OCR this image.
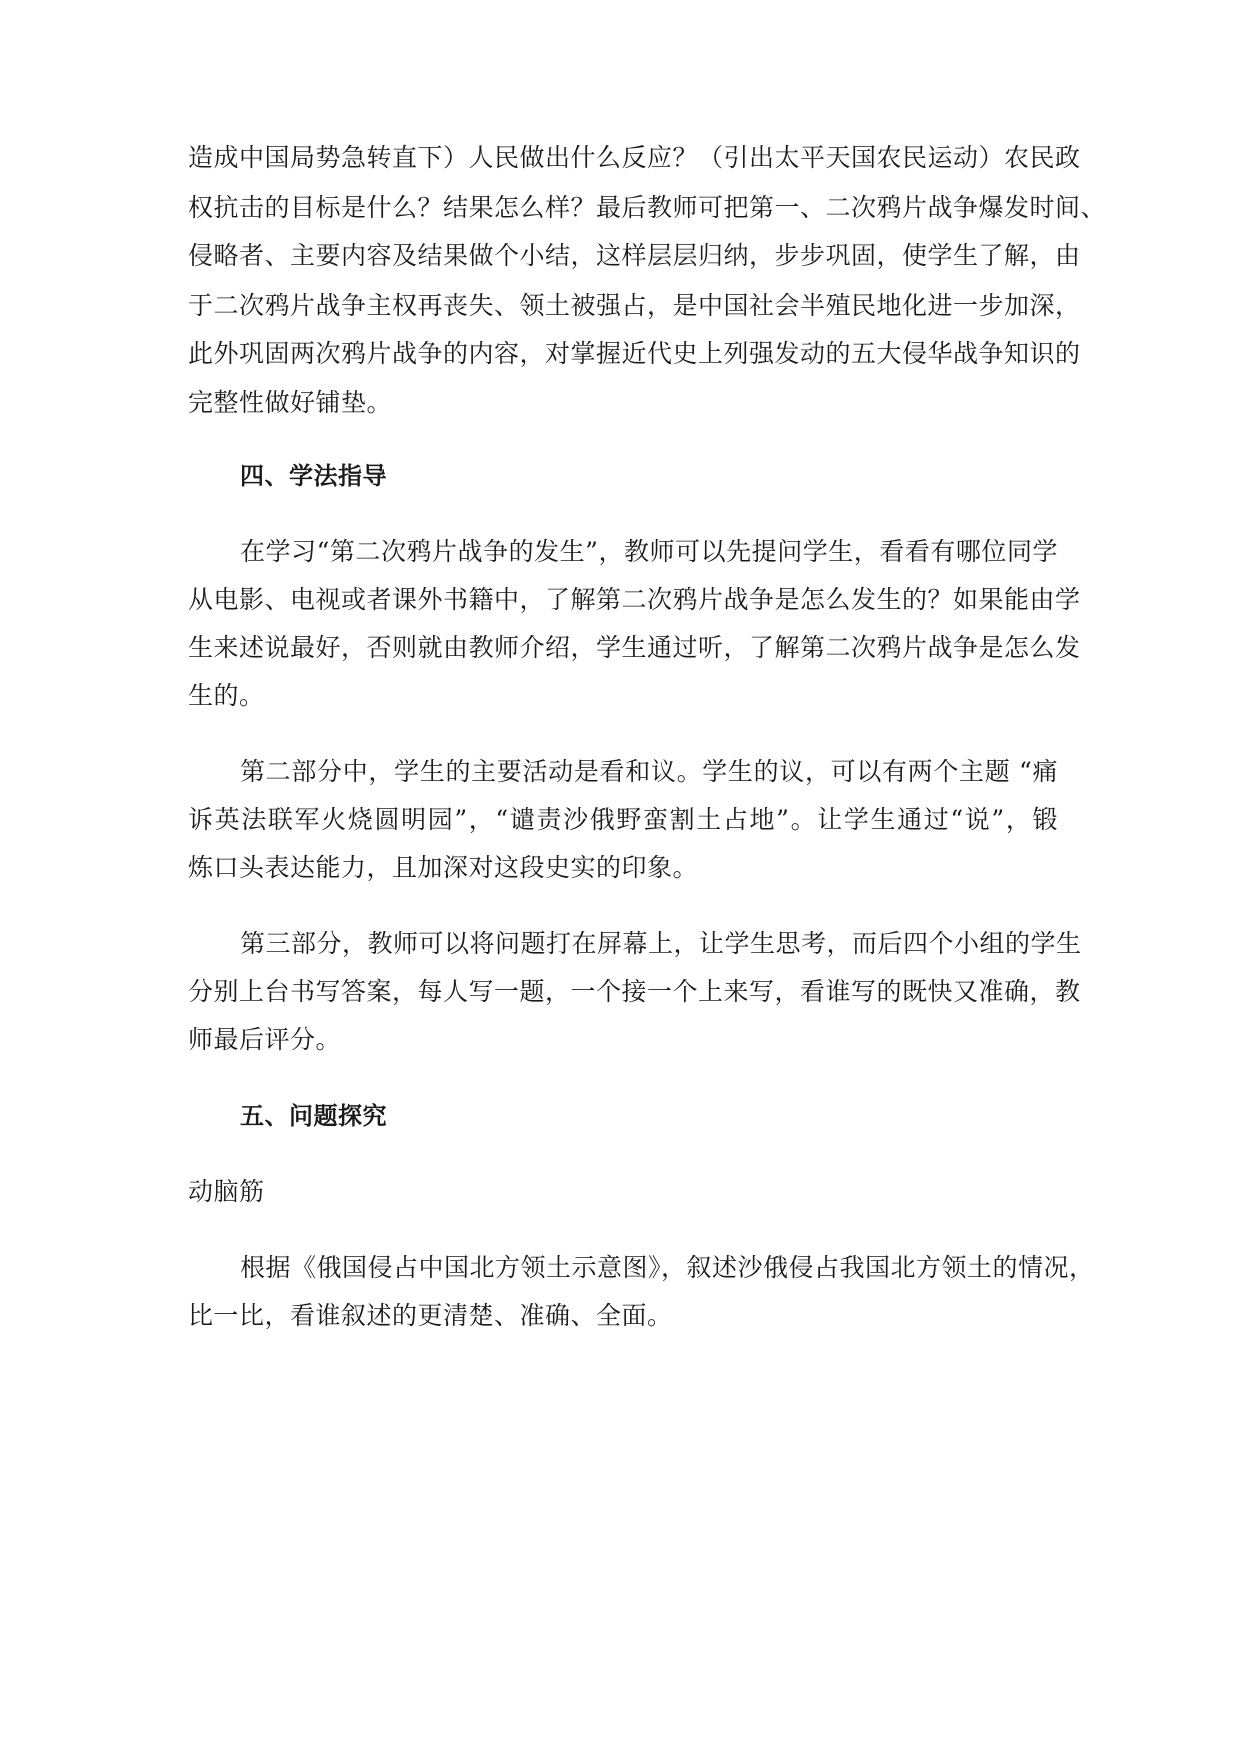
造成中国局势急转直下）人民做出什么反应？（引出太平天国农民运动）农民政
权抗击的目标是什么？结果怎么样？最后教师可把第一、二次鸦片战争爆发时间、
侵略者、主要内容及结果做个小结，这样层层归纳，步步巩固，使学生了解，由
于二次鸦片战争主权再丧失、领土被强占，是中国社会半殖民地化进一步加深，
此外巩固两次鸦片战争的内容，对掌握近代史上列强发动的五大侵华战争知识的
完整性做好铺垫。
四、学法指导
在学习“第二次鸦片战争的发生”，教师可以先提问学生，看看有哪位同学
从电影、电视或者课外书籍中，了解第二次鸦片战争是怎么发生的？如果能由学
生来述说最好，否则就由教师介绍，学生通过听，了解第二次鸦片战争是怎么发
生的。
第二部分中，学生的主要活动是看和议。学生的议，可以有两个主题 “痛
诉英法联军火烧圆明园”，“谴责沙俄野蛮割土占地”。让学生通过“说”，锻
炼口头表达能力，且加深对这段史实的印象。
第三部分，教师可以将问题打在屏幕上，让学生思考，而后四个小组的学生
分别上台书写答案，每人写一题，一个接一个上来写，看谁写的既快又准确，教
师最后评分。
五、问题探究
动脑筋
根据《俄国侵占中国北方领土示意图》，叙述沙俄侵占我国北方领土的情况，
比一比，看谁叙述的更清楚、准确、全面。
